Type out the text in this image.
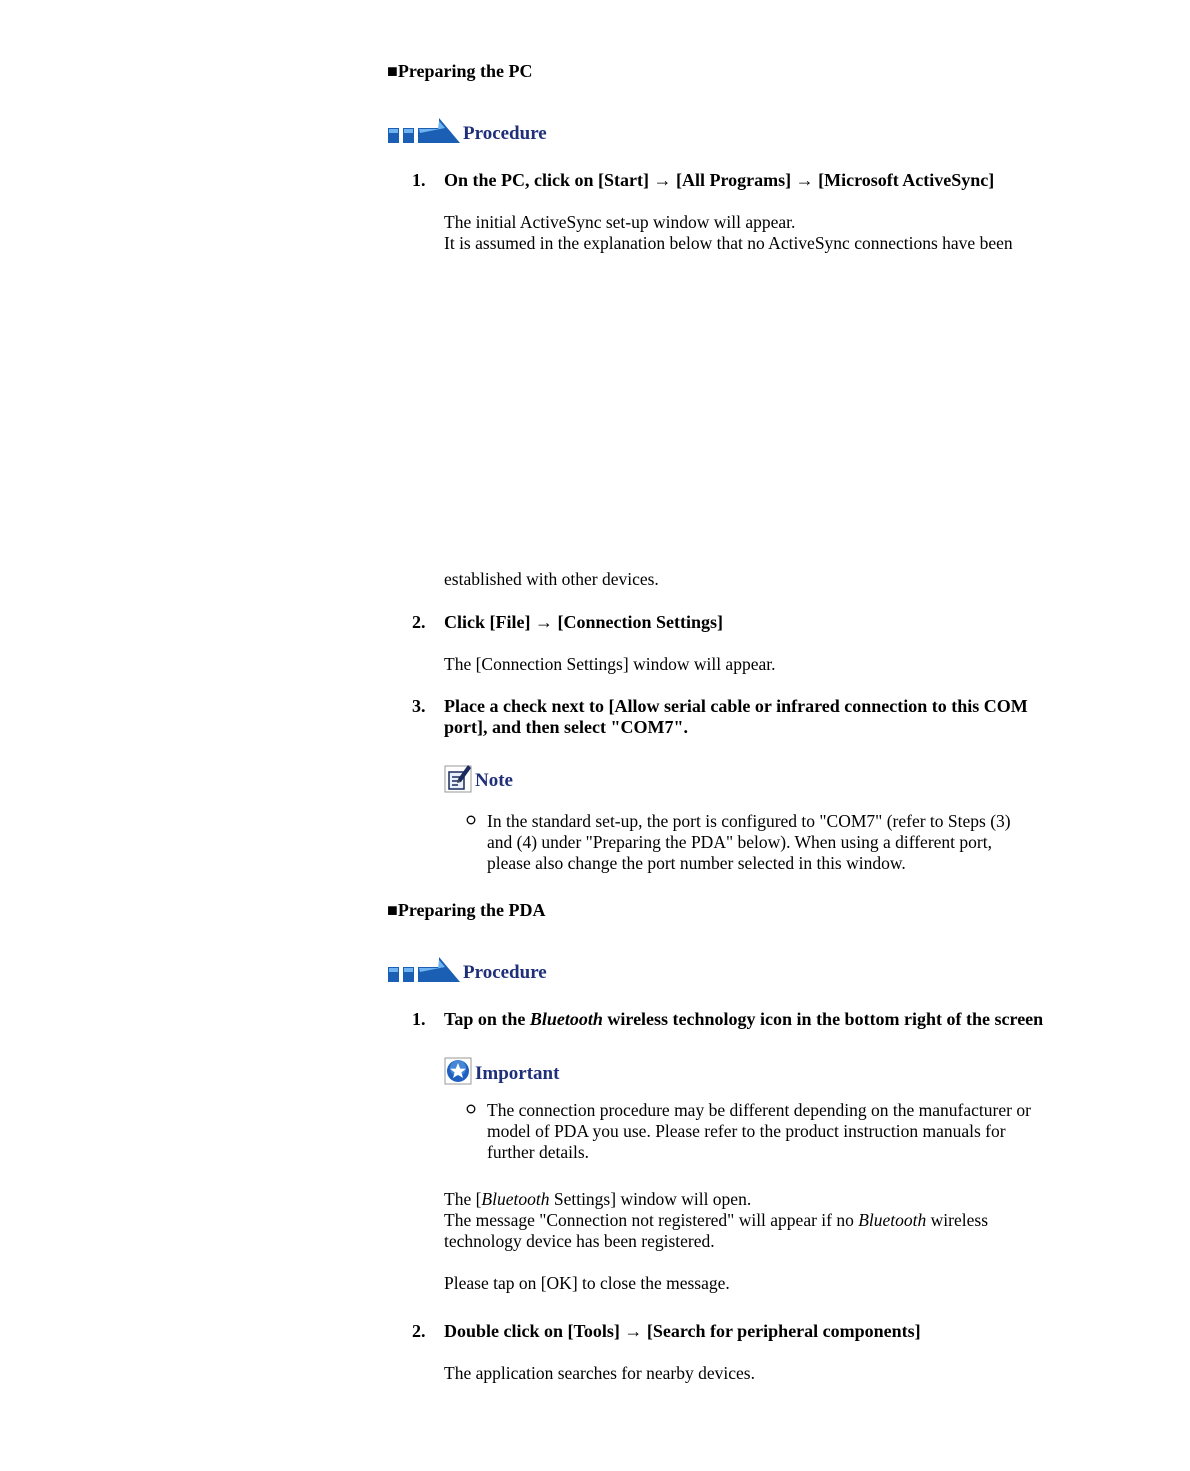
■Preparing the PC
Procedure
1. On the PC, click on [Start] → [All Programs] → [Microsoft ActiveSync]
The initial ActiveSync set-up window will appear.
It is assumed in the explanation below that no ActiveSync connections have been
established with other devices.
2. Click [File] → [Connection Settings]
The [Connection Settings] window will appear.
3. Place a check next to [Allow serial cable or infrared connection to this COM
port], and then select "COM7".
Note
In the standard set-up, the port is configured to "COM7" (refer to Steps (3)
and (4) under "Preparing the PDA" below). When using a different port,
please also change the port number selected in this window.
■Preparing the PDA
Procedure
1. Tap on the Bluetooth wireless technology icon in the bottom right of the screen
Important
The connection procedure may be different depending on the manufacturer or
model of PDA you use. Please refer to the product instruction manuals for
further details.
The [Bluetooth Settings] window will open.
The message "Connection not registered" will appear if no Bluetooth wireless
technology device has been registered.
Please tap on [OK] to close the message.
2. Double click on [Tools] → [Search for peripheral components]
The application searches for nearby devices.
